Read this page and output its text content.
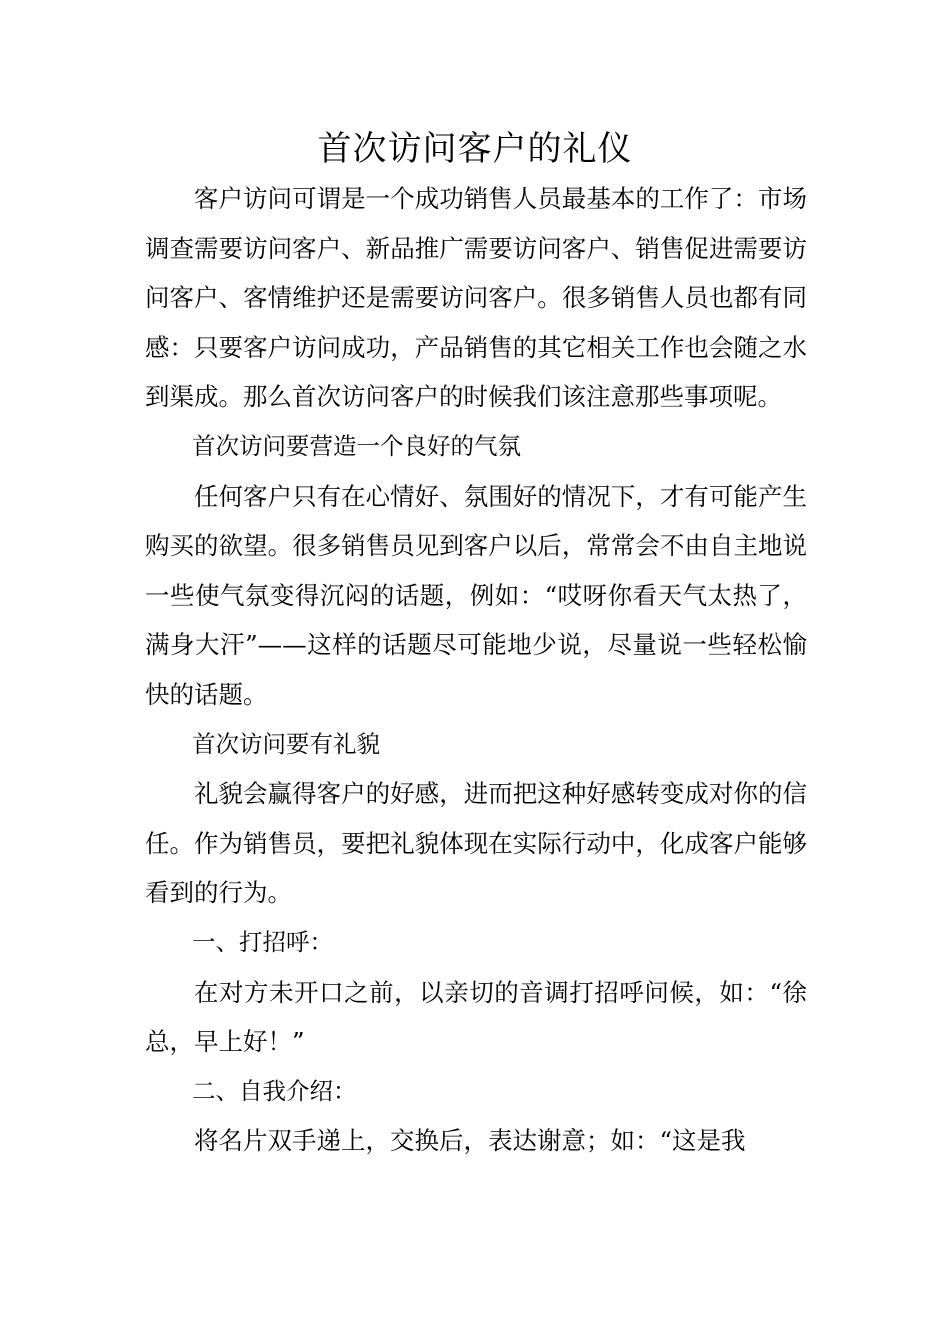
首次访问客户的礼仪

客户访问可谓是一个成功销售人员最基本的工作了：市场调查需要访问客户、新品推广需要访问客户、销售促进需要访问客户、客情维护还是需要访问客户。很多销售人员也都有同感：只要客户访问成功，产品销售的其它相关工作也会随之水到渠成。那么首次访问客户的时候我们该注意那些事项呢。

首次访问要营造一个良好的气氛

任何客户只有在心情好、氛围好的情况下，才有可能产生购买的欲望。很多销售员见到客户以后，常常会不由自主地说一些使气氛变得沉闷的话题，例如：“哎呀你看天气太热了，满身大汗”——这样的话题尽可能地少说，尽量说一些轻松愉快的话题。

首次访问要有礼貌

礼貌会赢得客户的好感，进而把这种好感转变成对你的信任。作为销售员，要把礼貌体现在实际行动中，化成客户能够看到的行为。

一、打招呼：

在对方未开口之前，以亲切的音调打招呼问候，如：“徐总，早上好！”

二、自我介绍：

将名片双手递上，交换后，表达谢意；如：“这是我
